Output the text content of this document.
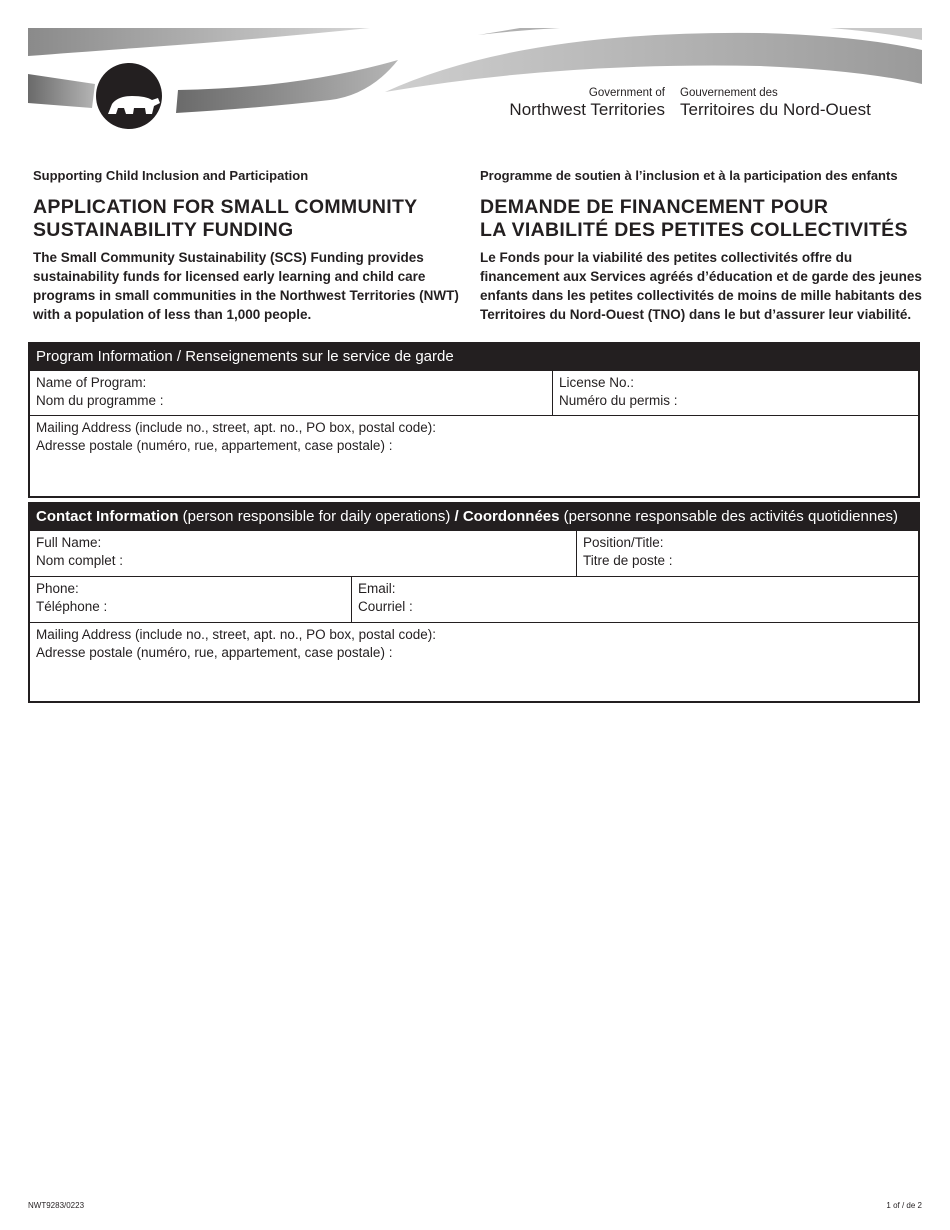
Government of
Northwest Territories
Gouvernement des
Territoires du Nord-Ouest

Supporting Child Inclusion and Participation

APPLICATION FOR SMALL COMMUNITY
SUSTAINABILITY FUNDING

The Small Community Sustainability (SCS) Funding provides sustainability funds for licensed early learning and child care programs in small communities in the Northwest Territories (NWT) with a population of less than 1,000 people.

Programme de soutien à l’inclusion et à la participation des enfants

DEMANDE DE FINANCEMENT POUR
LA VIABILITÉ DES PETITES COLLECTIVITÉS

Le Fonds pour la viabilité des petites collectivités offre du financement aux Services agréés d’éducation et de garde des jeunes enfants dans les petites collectivités de moins de mille habitants des Territoires du Nord-Ouest (TNO) dans le but d’assurer leur viabilité.

Program Information / Renseignements sur le service de garde
Name of Program:
Nom du programme :
License No.:
Numéro du permis :
Mailing Address (include no., street, apt. no., PO box, postal code):
Adresse postale (numéro, rue, appartement, case postale) :
Contact Information (person responsible for daily operations) / Coordonnées (personne responsable des activités quotidiennes)
Full Name:
Nom complet :
Position/Title:
Titre de poste :
Phone:
Téléphone :
Email:
Courriel :
Mailing Address (include no., street, apt. no., PO box, postal code):
Adresse postale (numéro, rue, appartement, case postale) :
NWT9283/0223	1 of / de 2
